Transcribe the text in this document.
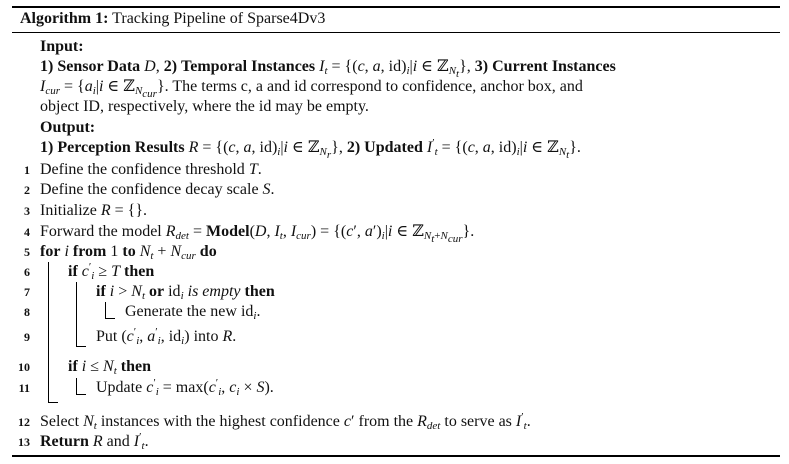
Algorithm 1: Tracking Pipeline of Sparse4Dv3
Input:
1) Sensor Data D, 2) Temporal Instances $I_t = \{(c$, a, $id)_i|i$ ∈ ℤ$_{N_t}$}, 3) Current Instances
$I_{cur} = \{a_i|i$ ∈ ℤ$_{N_{cur}}$}. The terms c, a and id correspond to confidence, anchor box, and
object ID, respectively, where the id may be empty.
Output:
1) Perception Results R = {(c, a, $id)_i|i$ ∈ ℤ$_{N_r}$}, 2) Updated $I'_t = \{(c$, a, $id)_i|i$ ∈ ℤ$_{N_t}$}.
1 Define the confidence threshold T.
2 Define the confidence decay scale S.
3 Initialize R = {}.
4 Forward the model $R_{det}$ = Model(D, $I_t$, $I_{cur}) = \{(c'$, $a')_i|i$ ∈ ℤ$_{N_t+N_{cur}}$}.
5 for i from 1 to $N_t + N_{cur}$ do
6 if $c'_i \ge T$ then
7	if $i > N_t$ or $id_i$ is empty then
8	Generate the new $id_i$.
9	Put ($c'_i$, $a'_i$, $id_i$) into R.
10 if $i \le N_t$ then
11	Update $c'_i = \max(c'_i$, $c_i \times S$).
12 Select $N_t$ instances with the highest confidence c′ from the $R_{det}$ to serve as $I'_t$.
13 Return R and $I'_t$.
